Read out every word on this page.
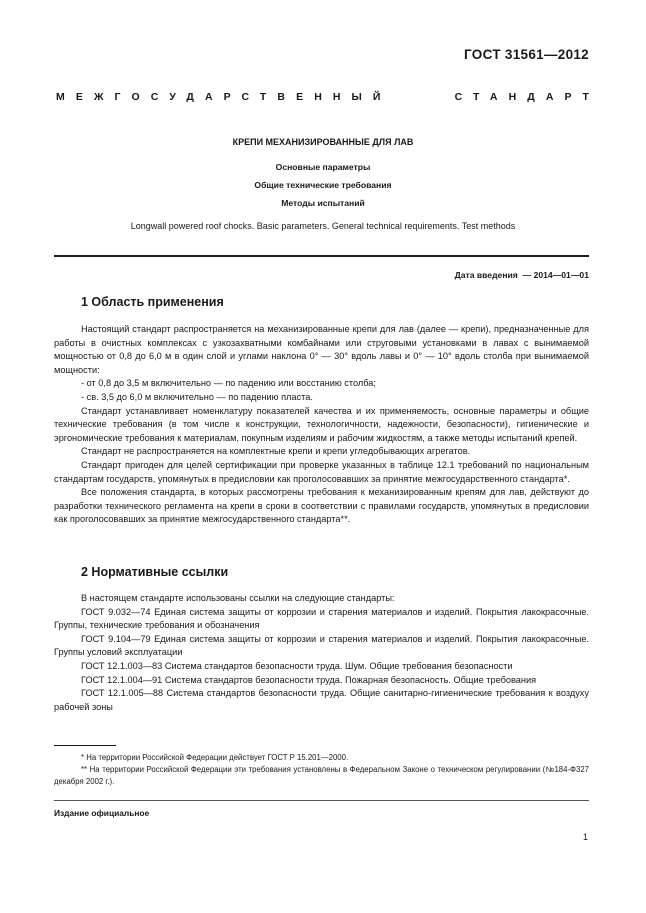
ГОСТ 31561—2012
МЕЖГОСУДАРСТВЕННЫЙ	СТАНДАРТ
КРЕПИ МЕХАНИЗИРОВАННЫЕ ДЛЯ ЛАВ
Основные параметры
Общие технические требования
Методы испытаний
Longwall powered roof chocks. Basic parameters. General technical requirements. Test methods
Дата введения  — 2014—01—01
1 Область применения

Настоящий стандарт распространяется на механизированные крепи для лав (далее — крепи), предназначенные для работы в очистных комплексах с узкозахватными комбайнами или струговыми установками в лавах с вынимаемой мощностью от 0,8 до 6,0 м в один слой и углами наклона 0° — 30° вдоль лавы и 0° — 10° вдоль столба при вынимаемой мощности:

- от 0,8 до 3,5 м включительно — по падению или восстанию столба;

- св. 3,5 до 6,0 м включительно — по падению пласта.

Стандарт устанавливает номенклатуру показателей качества и их применяемость, основные параметры и общие технические требования (в том числе к конструкции, технологичности, надежности, безопасности), гигиенические и эргономические требования к материалам, покупным изделиям и рабочим жидкостям, а также методы испытаний крепей.

Стандарт не распространяется на комплектные крепи и крепи угледобывающих агрегатов.

Стандарт пригоден для целей сертификации при проверке указанных в таблице 12.1 требований по национальным стандартам государств, упомянутых в предисловии как проголосовавших за принятие межгосударственного стандарта*.

Все положения стандарта, в которых рассмотрены требования к механизированным крепям для лав, действуют до разработки технического регламента на крепи в сроки в соответствии с правилами государств, упомянутых в предисловии как проголосовавших за принятие межгосударственного стандарта**.

2 Нормативные ссылки

В настоящем стандарте использованы ссылки на следующие стандарты:

ГОСТ 9.032—74 Единая система защиты от коррозии и старения материалов и изделий. Покрытия лакокрасочные. Группы, технические требования и обозначения

ГОСТ 9.104—79 Единая система защиты от коррозии и старения материалов и изделий. Покрытия лакокрасочные. Группы условий эксплуатации

ГОСТ 12.1.003—83 Система стандартов безопасности труда. Шум. Общие требования безопасности

ГОСТ 12.1.004—91 Система стандартов безопасности труда. Пожарная безопасность. Общие требования

ГОСТ 12.1.005—88 Система стандартов безопасности труда. Общие санитарно-гигиенические требования к воздуху рабочей зоны

* На территории Российской Федерации действует ГОСТ Р 15.201—2000.
** На территории Российской Федерации эти требования установлены в Федеральном Законе о техническом регулировании (№184-Ф327 декабря 2002 г.).
Издание официальное
1
